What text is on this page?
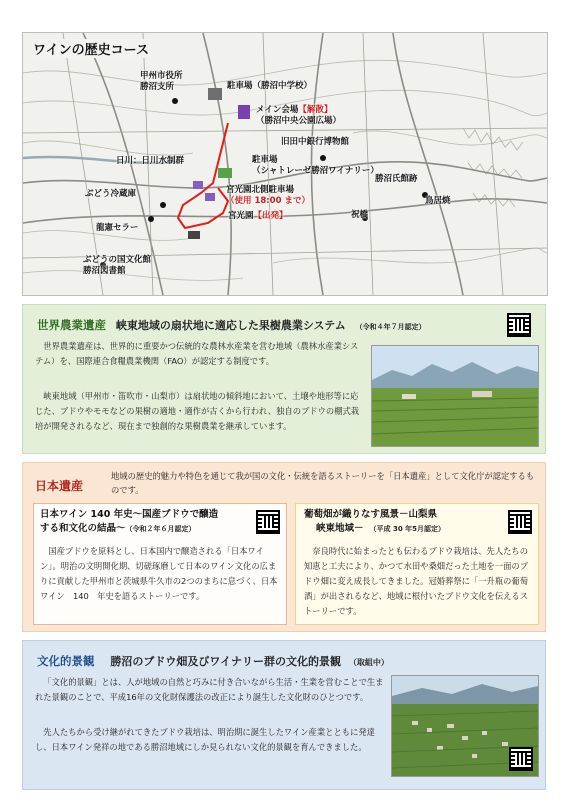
ワインの歴史コース
甲州市役所
勝沼支所	駐車場（勝沼中学校）
メイン会場【解散】
（勝沼中央公園広場）
旧田中銀行博物館
日川：日川水制群	駐車場
（シャトレーゼ勝沼ワイナリー）
ぶどう冷蔵庫	宮光園北側駐車場
（使用 18:00 まで）
宮光園【出発】
勝沼氏館跡
鳥居焼
祝橋
龍憲セラー
ぶどうの国文化館
勝沼図書館
世界農業遺産 峡東地域の扇状地に適応した果樹農業システム （令和４年７月認定）
世界農業遺産は、世界的に重要かつ伝統的な農林水産業を営む地域（農林水産業システム）を、国際連合食糧農業機関（FAO）が認定する制度です。
峡東地域（甲州市・笛吹市・山梨市）は扇状地の傾斜地において、土壌や地形等に応じた、ブドウやモモなどの果樹の適地・適作が古くから行われ、独自のブドウの棚式栽培が開発されるなど、現在まで独創的な果樹農業を継承しています。
日本遺産
地域の歴史的魅力や特色を通じて我が国の文化・伝統を語るストーリーを「日本遺産」として文化庁が認定するものです。
日本ワイン 140 年史～国産ブドウで醸造
する和文化の結晶～（令和２年６月認定）
国産ブドウを原料とし、日本国内で醸造される「日本ワイン」。明治の文明開化期、切磋琢磨して日本のワイン文化の広まりに貢献した甲州市と茨城県牛久市の2つのまちに息づく、日本ワイン　140　年史を語るストーリーです。
葡萄畑が織りなす風景－山梨県
峡東地域－ （平成 30 年5月認定）
奈良時代に始まったとも伝わるブドウ栽培は、先人たちの知恵と工夫により、かつて水田や桑畑だった土地を一面のブドウ畑に変え成長してきました。冠婚葬祭に「一升瓶の葡萄酒」が出されるなど、地域に根付いたブドウ文化を伝えるストーリーです。
文化的景観 勝沼のブドウ畑及びワイナリー群の文化的景観 （取組中）
「文化的景観」とは、人が地域の自然と巧みに付き合いながら生活・生業を営むことで生まれた景観のことで、平成16年の文化財保護法の改正により誕生した文化財のひとつです。
先人たちから受け継がれてきたブドウ栽培は、明治期に誕生したワイン産業とともに発達し、日本ワイン発祥の地である勝沼地域にしか見られない文化的景観を育んできました。
